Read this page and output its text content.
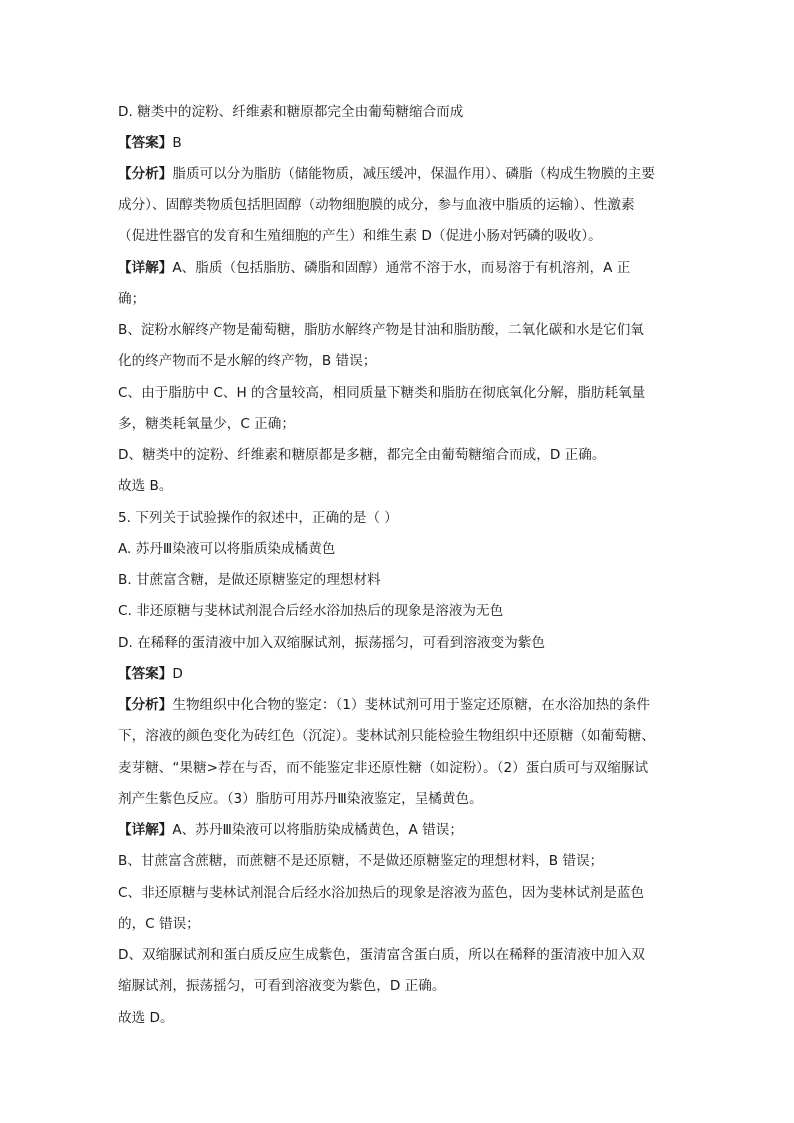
D. 糖类中的淀粉、纤维素和糖原都完全由葡萄糖缩合而成
【答案】B
【分析】脂质可以分为脂肪（储能物质，减压缓冲，保温作用）、磷脂（构成生物膜的主要
成分）、固醇类物质包括胆固醇（动物细胞膜的成分，参与血液中脂质的运输）、性激素
（促进性器官的发育和生殖细胞的产生）和维生素 D（促进小肠对钙磷的吸收）。
【详解】A、脂质（包括脂肪、磷脂和固醇）通常不溶于水，而易溶于有机溶剂，A 正
确；
B、淀粉水解终产物是葡萄糖，脂肪水解终产物是甘油和脂肪酸，二氧化碳和水是它们氧
化的终产物而不是水解的终产物，B 错误；
C、由于脂肪中 C、H 的含量较高，相同质量下糖类和脂肪在彻底氧化分解，脂肪耗氧量
多，糖类耗氧量少，C 正确；
D、糖类中的淀粉、纤维素和糖原都是多糖，都完全由葡萄糖缩合而成，D 正确。
故选 B。
5. 下列关于试验操作的叙述中，正确的是（ ）
A. 苏丹Ⅲ染液可以将脂质染成橘黄色
B. 甘蔗富含糖，是做还原糖鉴定的理想材料
C. 非还原糖与斐林试剂混合后经水浴加热后的现象是溶液为无色
D. 在稀释的蛋清液中加入双缩脲试剂，振荡摇匀，可看到溶液变为紫色
【答案】D
【分析】生物组织中化合物的鉴定：（1）斐林试剂可用于鉴定还原糖，在水浴加热的条件
下，溶液的颜色变化为砖红色（沉淀）。斐林试剂只能检验生物组织中还原糖（如葡萄糖、
麦芽糖、“果糖>荐在与否，而不能鉴定非还原性糖（如淀粉）。（2）蛋白质可与双缩脲试
剂产生紫色反应。（3）脂肪可用苏丹Ⅲ染液鉴定，呈橘黄色。
【详解】A、苏丹Ⅲ染液可以将脂肪染成橘黄色，A 错误；
B、甘蔗富含蔗糖，而蔗糖不是还原糖，不是做还原糖鉴定的理想材料，B 错误；
C、非还原糖与斐林试剂混合后经水浴加热后的现象是溶液为蓝色，因为斐林试剂是蓝色
的，C 错误；
D、双缩脲试剂和蛋白质反应生成紫色，蛋清富含蛋白质，所以在稀释的蛋清液中加入双
缩脲试剂，振荡摇匀，可看到溶液变为紫色，D 正确。
故选 D。
